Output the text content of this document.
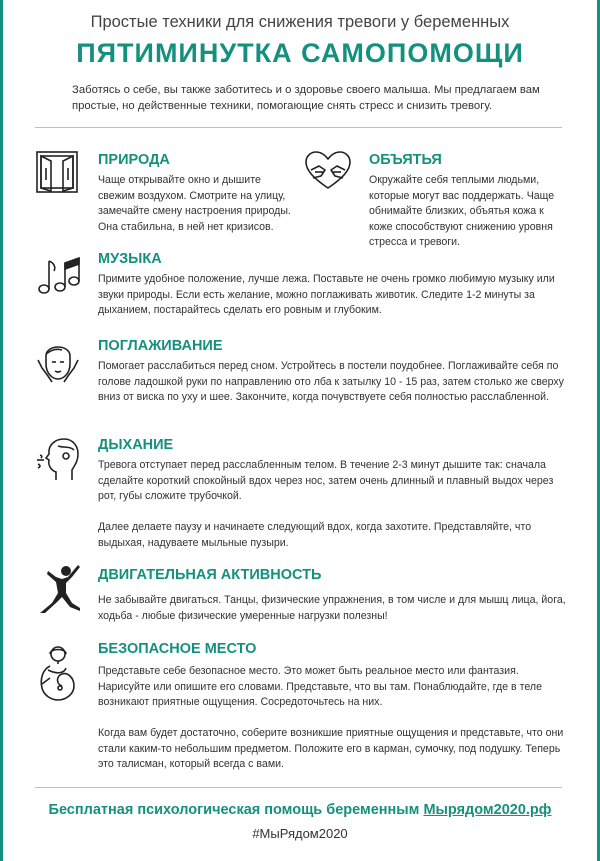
Простые техники для снижения тревоги у беременных
ПЯТИМИНУТКА САМОПОМОЩИ
Заботясь о себе, вы также заботитесь и о здоровье своего малыша. Мы предлагаем вам простые, но действенные техники, помогающие снять стресс и снизить тревогу.
ПРИРОДА
Чаще открывайте окно и дышите свежим воздухом. Смотрите на улицу, замечайте смену настроения природы. Она стабильна, в ней нет кризисов.
ОБЪЯТЬЯ
Окружайте себя теплыми людьми, которые могут вас поддержать. Чаще обнимайте близких, объятья кожа к коже способствуют снижению уровня стресса и тревоги.
МУЗЫКА
Примите удобное положение, лучше лежа. Поставьте не очень громко любимую музыку или звуки природы. Если есть желание, можно поглаживать животик. Следите 1-2 минуты за дыханием, постарайтесь сделать его ровным и глубоким.
ПОГЛАЖИВАНИЕ
Помогает расслабиться перед сном. Устройтесь в постели поудобнее. Поглаживайте себя по голове ладошкой руки по направлению ото лба к затылку 10 - 15 раз, затем столько же сверху вниз от виска по уху и шее. Закончите, когда почувствуете себя полностью расслабленной.
ДЫХАНИЕ

Тревога отступает перед расслабленным телом. В течение 2-3 минут дышите так: сначала сделайте короткий спокойный вдох через нос, затем очень длинный и плавный выдох через рот, губы сложите трубочкой.

Далее делаете паузу и начинаете следующий вдох, когда захотите. Представляйте, что выдыхая, надуваете мыльные пузыри.

ДВИГАТЕЛЬНАЯ АКТИВНОСТЬ
Не забывайте двигаться. Танцы, физические упражнения, в том числе и для мышц лица, йога, ходьба - любые физические умеренные нагрузки полезны!
БЕЗОПАСНОЕ МЕСТО

Представьте себе безопасное место. Это может быть реальное место или фантазия. Нарисуйте или опишите его словами. Представьте, что вы там. Понаблюдайте, где в теле возникают приятные ощущения. Сосредоточьтесь на них.

Когда вам будет достаточно, соберите возникшие приятные ощущения и представьте, что они стали каким-то небольшим предметом. Положите его в карман, сумочку, под подушку. Теперь это талисман, который всегда с вами.

Бесплатная психологическая помощь беременным Мырядом2020.рф
#МыРядом2020
